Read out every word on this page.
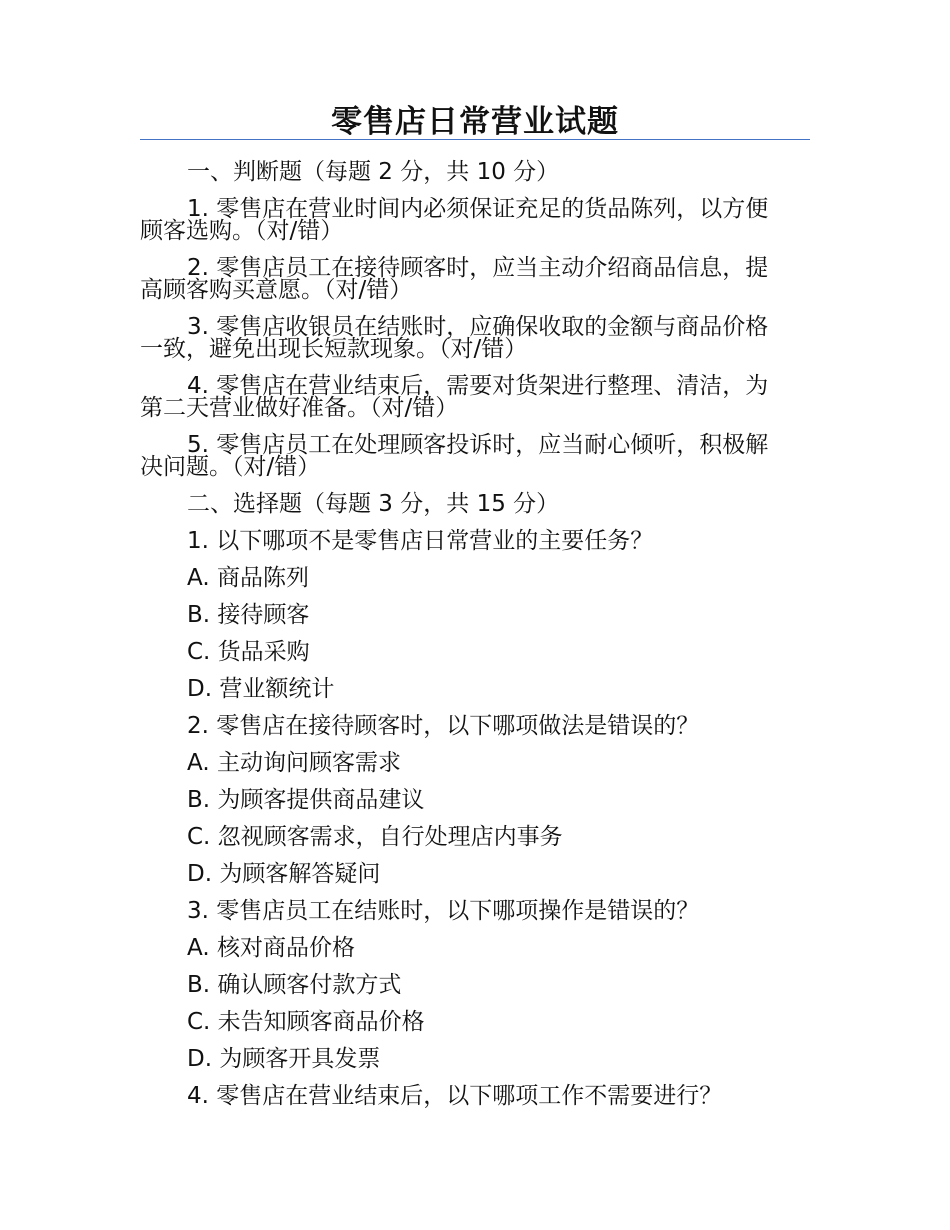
零售店日常营业试题

一、判断题（每题 2 分，共 10 分）

1. 零售店在营业时间内必须保证充足的货品陈列，以方便
顾客选购。（对/错）

2. 零售店员工在接待顾客时，应当主动介绍商品信息，提
高顾客购买意愿。（对/错）

3. 零售店收银员在结账时，应确保收取的金额与商品价格
一致，避免出现长短款现象。（对/错）

4. 零售店在营业结束后，需要对货架进行整理、清洁，为
第二天营业做好准备。（对/错）

5. 零售店员工在处理顾客投诉时，应当耐心倾听，积极解
决问题。（对/错）

二、选择题（每题 3 分，共 15 分）

1. 以下哪项不是零售店日常营业的主要任务？

A. 商品陈列

B. 接待顾客

C. 货品采购

D. 营业额统计

2. 零售店在接待顾客时，以下哪项做法是错误的？

A. 主动询问顾客需求

B. 为顾客提供商品建议

C. 忽视顾客需求，自行处理店内事务

D. 为顾客解答疑问

3. 零售店员工在结账时，以下哪项操作是错误的？

A. 核对商品价格

B. 确认顾客付款方式

C. 未告知顾客商品价格

D. 为顾客开具发票

4. 零售店在营业结束后，以下哪项工作不需要进行？
